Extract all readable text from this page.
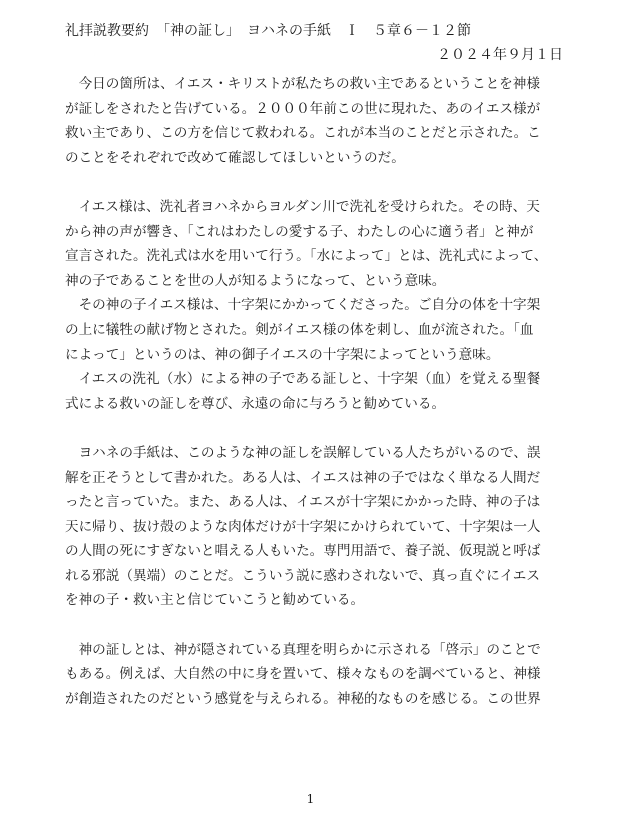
礼拝説教要約　「神の証し」　ヨハネの手紙　Ｉ　５章６－１２節
２０２４年９月１日
　今日の箇所は、イエス・キリストが私たちの救い主であるということを神様
が証しをされたと告げている。２０００年前この世に現れた、あのイエス様が
救い主であり、この方を信じて救われる。これが本当のことだと示された。こ
のことをそれぞれで改めて確認してほしいというのだ。
　イエス様は、洗礼者ヨハネからヨルダン川で洗礼を受けられた。その時、天
から神の声が響き、「これはわたしの愛する子、わたしの心に適う者」と神が
宣言された。洗礼式は水を用いて行う。「水によって」とは、洗礼式によって、
神の子であることを世の人が知るようになって、という意味。
　その神の子イエス様は、十字架にかかってくださった。ご自分の体を十字架
の上に犠牲の献げ物とされた。剣がイエス様の体を刺し、血が流された。「血
によって」というのは、神の御子イエスの十字架によってという意味。
　イエスの洗礼（水）による神の子である証しと、十字架（血）を覚える聖餐
式による救いの証しを尊び、永遠の命に与ろうと勧めている。
　ヨハネの手紙は、このような神の証しを誤解している人たちがいるので、誤
解を正そうとして書かれた。ある人は、イエスは神の子ではなく単なる人間だ
ったと言っていた。また、ある人は、イエスが十字架にかかった時、神の子は
天に帰り、抜け殻のような肉体だけが十字架にかけられていて、十字架は一人
の人間の死にすぎないと唱える人もいた。専門用語で、養子説、仮現説と呼ば
れる邪説（異端）のことだ。こういう説に惑わされないで、真っ直ぐにイエス
を神の子・救い主と信じていこうと勧めている。
　神の証しとは、神が隠されている真理を明らかに示される「啓示」のことで
もある。例えば、大自然の中に身を置いて、様々なものを調べていると、神様
が創造されたのだという感覚を与えられる。神秘的なものを感じる。この世界
1
